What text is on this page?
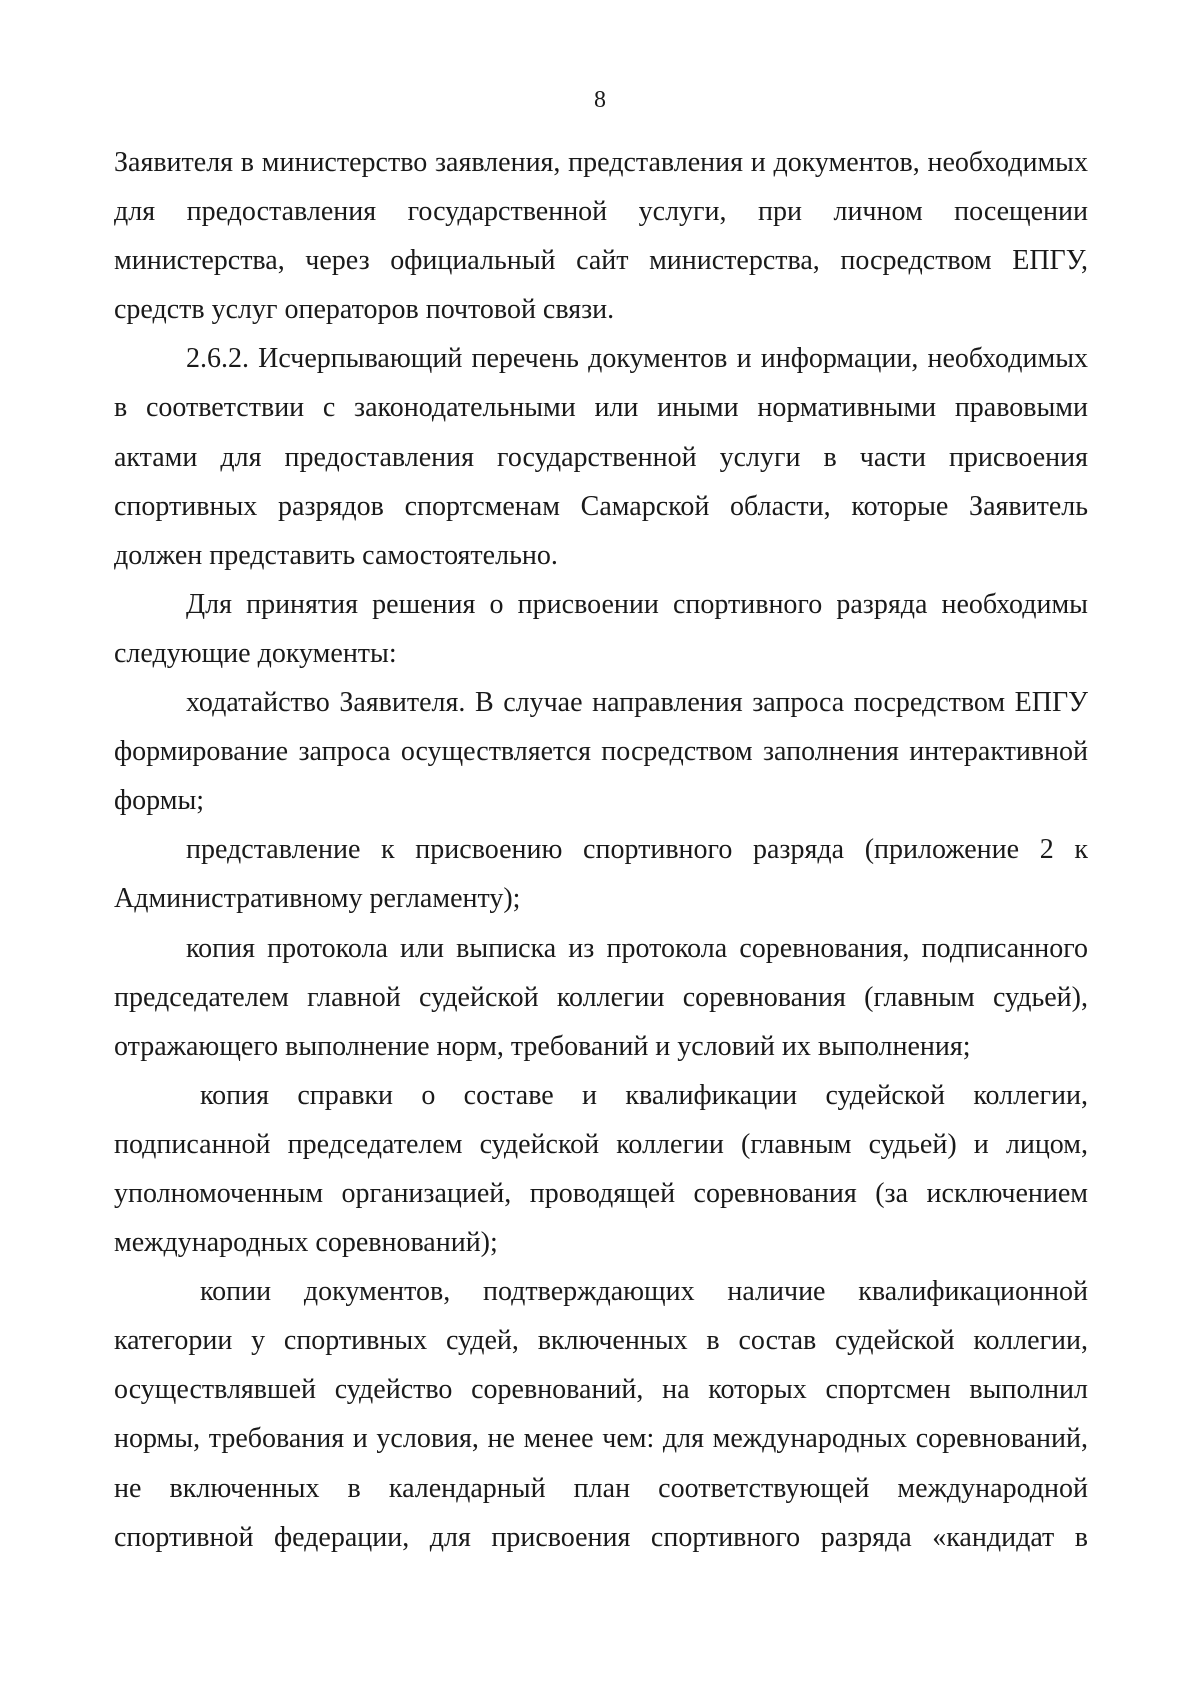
8

Заявителя в министерство заявления, представления и документов, необходимых для предоставления государственной услуги, при личном посещении министерства, через официальный сайт министерства, посредством ЕПГУ, средств услуг операторов почтовой связи.

2.6.2. Исчерпывающий перечень документов и информации, необходимых в соответствии с законодательными или иными нормативными правовыми актами для предоставления государственной услуги в части присвоения спортивных разрядов спортсменам Самарской области, которые Заявитель должен представить самостоятельно.

Для принятия решения о присвоении спортивного разряда необходимы следующие документы:

ходатайство Заявителя. В случае направления запроса посредством ЕПГУ формирование запроса осуществляется посредством заполнения интерактивной формы;

представление к присвоению спортивного разряда (приложение 2 к Административному регламенту);

копия протокола или выписка из протокола соревнования, подписанного председателем главной судейской коллегии соревнования (главным судьей), отражающего выполнение норм, требований и условий их выполнения;

копия справки о составе и квалификации судейской коллегии, подписанной председателем судейской коллегии (главным судьей) и лицом, уполномоченным организацией, проводящей соревнования (за исключением международных соревнований);

копии документов, подтверждающих наличие квалификационной категории у спортивных судей, включенных в состав судейской коллегии, осуществлявшей судейство соревнований, на которых спортсмен выполнил нормы, требования и условия, не менее чем: для международных соревнований, не включенных в календарный план соответствующей международной спортивной федерации, для присвоения спортивного разряда «кандидат в
